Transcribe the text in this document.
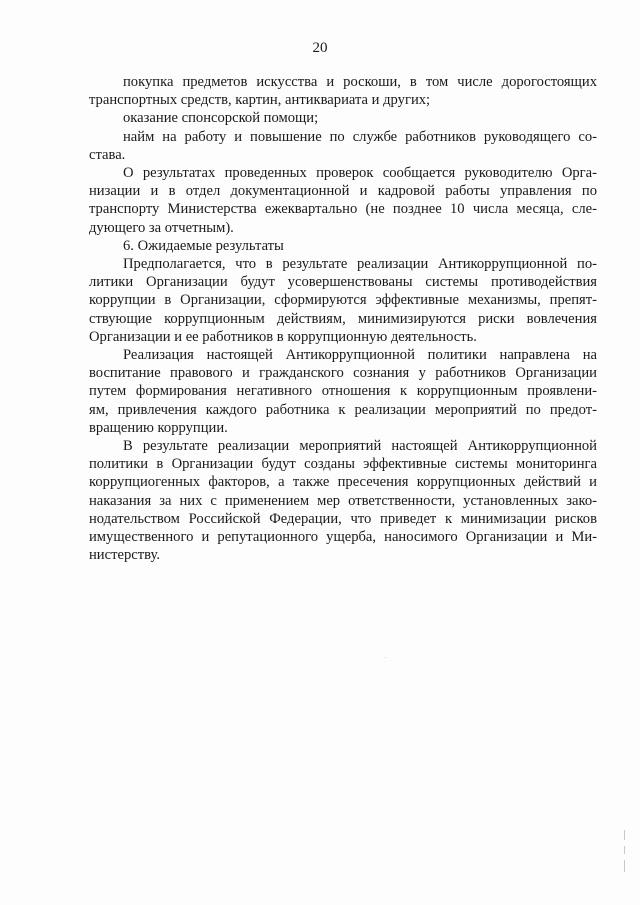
20
покупка предметов искусства и роскоши, в том числе дорогостоящих
транспортных средств, картин, антиквариата и других;
оказание спонсорской помощи;
найм на работу и повышение по службе работников руководящего со-
става.
О результатах проведенных проверок сообщается руководителю Орга-
низации и в отдел документационной и кадровой работы управления по
транспорту Министерства ежеквартально (не позднее 10 числа месяца, сле-
дующего за отчетным).
6. Ожидаемые результаты
Предполагается, что в результате реализации Антикоррупционной по-
литики Организации будут усовершенствованы системы противодействия
коррупции в Организации, сформируются эффективные механизмы, препят-
ствующие коррупционным действиям, минимизируются риски вовлечения
Организации и ее работников в коррупционную деятельность.
Реализация настоящей Антикоррупционной политики направлена на
воспитание правового и гражданского сознания у работников Организации
путем формирования негативного отношения к коррупционным проявлени-
ям, привлечения каждого работника к реализации мероприятий по предот-
вращению коррупции.
В результате реализации мероприятий настоящей Антикоррупционной
политики в Организации будут созданы эффективные системы мониторинга
коррупциогенных факторов, а также пресечения коррупционных действий и
наказания за них с применением мер ответственности, установленных зако-
нодательством Российской Федерации, что приведет к минимизации рисков
имущественного и репутационного ущерба, наносимого Организации и Ми-
нистерству.
